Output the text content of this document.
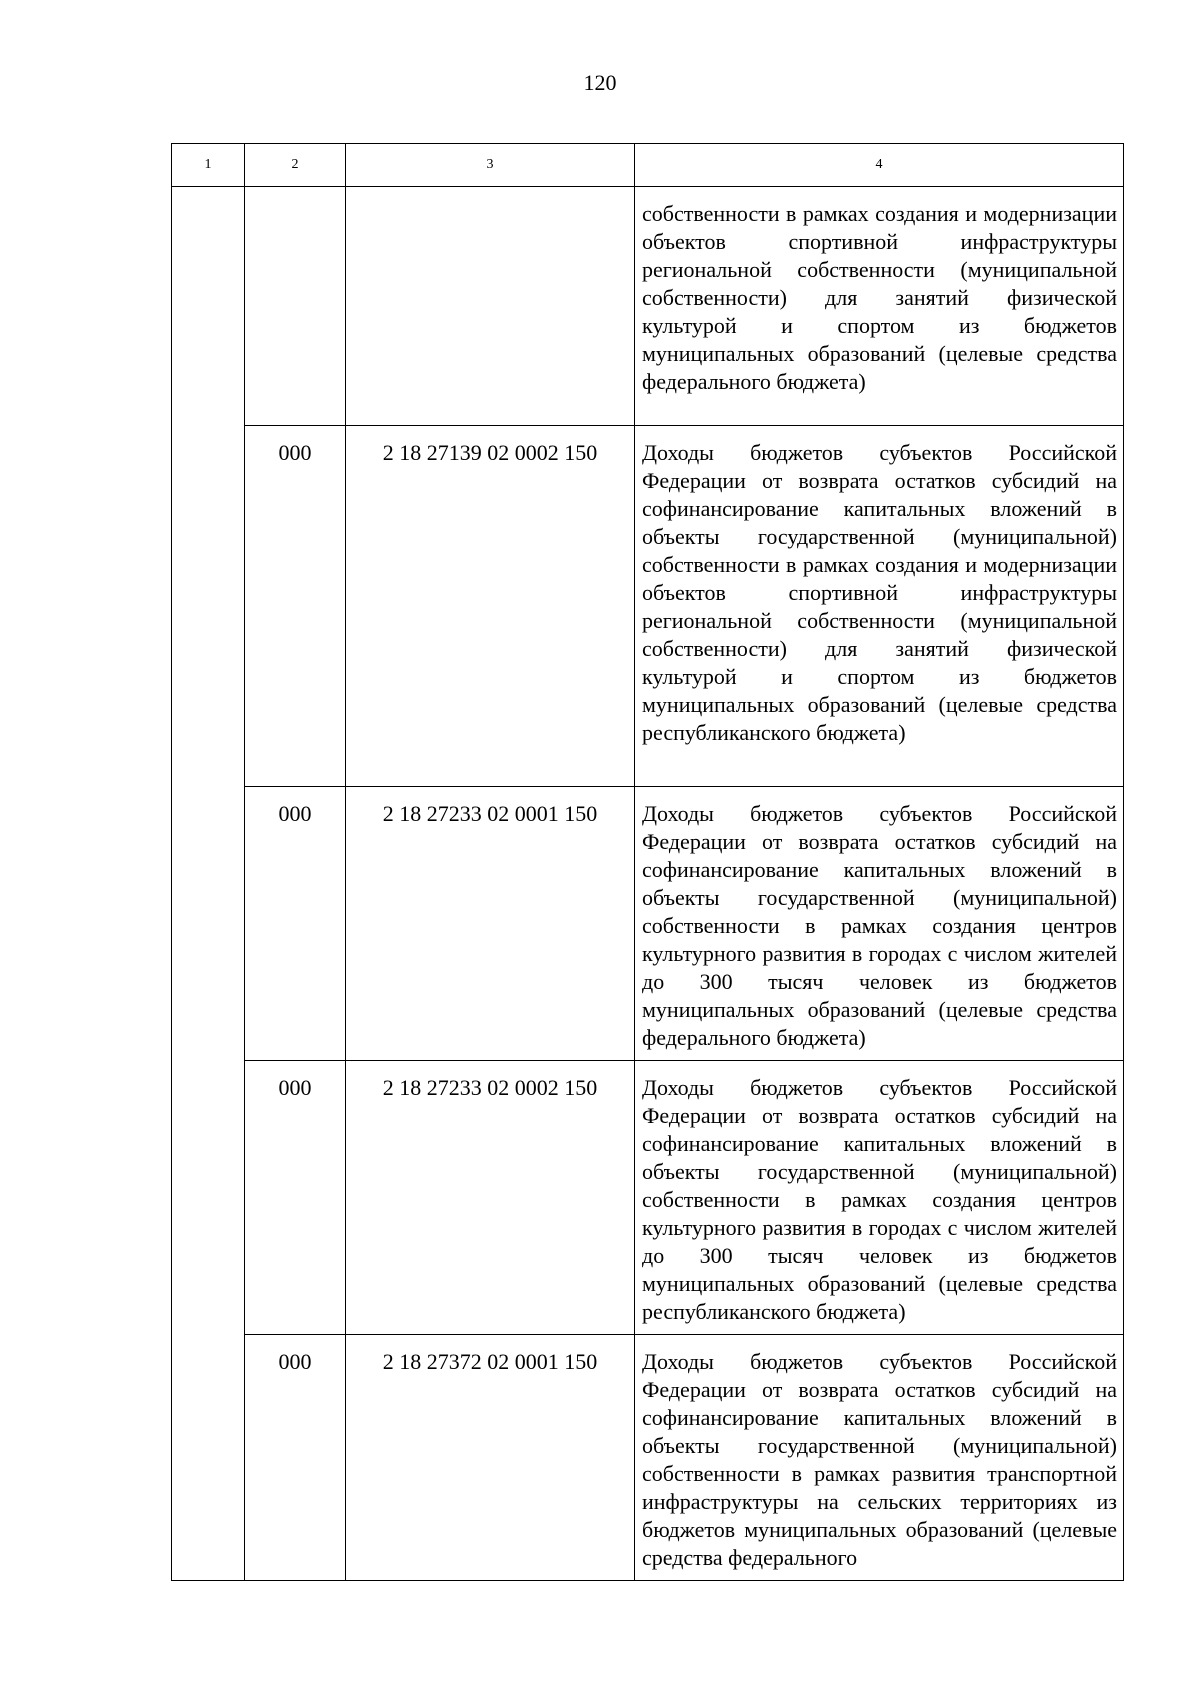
120
1	2	3	4

			собственности в рамках создания и модернизации объектов спортивной инфраструктуры региональной собственности (муниципальной собственности) для занятий физической культурой и спортом из бюджетов муниципальных образований (целевые средства федерального бюджета)

	000	2 18 27139 02 0002 150	Доходы бюджетов субъектов Российской Федерации от возврата остатков субсидий на софинансирование капитальных вложений в объекты государственной (муниципальной) собственности в рамках создания и модернизации объектов спортивной инфраструктуры региональной собственности (муниципальной собственности) для занятий физической культурой и спортом из бюджетов муниципальных образований (целевые средства республиканского бюджета)

	000	2 18 27233 02 0001 150	Доходы бюджетов субъектов Российской Федерации от возврата остатков субсидий на софинансирование капитальных вложений в объекты государственной (муниципальной) собственности в рамках создания центров культурного развития в городах с числом жителей до 300 тысяч человек из бюджетов муниципальных образований (целевые средства федерального бюджета)

	000	2 18 27233 02 0002 150	Доходы бюджетов субъектов Российской Федерации от возврата остатков субсидий на софинансирование капитальных вложений в объекты государственной (муниципальной) собственности в рамках создания центров культурного развития в городах с числом жителей до 300 тысяч человек из бюджетов муниципальных образований (целевые средства республиканского бюджета)

	000	2 18 27372 02 0001 150	Доходы бюджетов субъектов Российской Федерации от возврата остатков субсидий на софинансирование капитальных вложений в объекты государственной (муниципальной) собственности в рамках развития транспортной инфраструктуры на сельских территориях из бюджетов муниципальных образований (целевые средства федерального
